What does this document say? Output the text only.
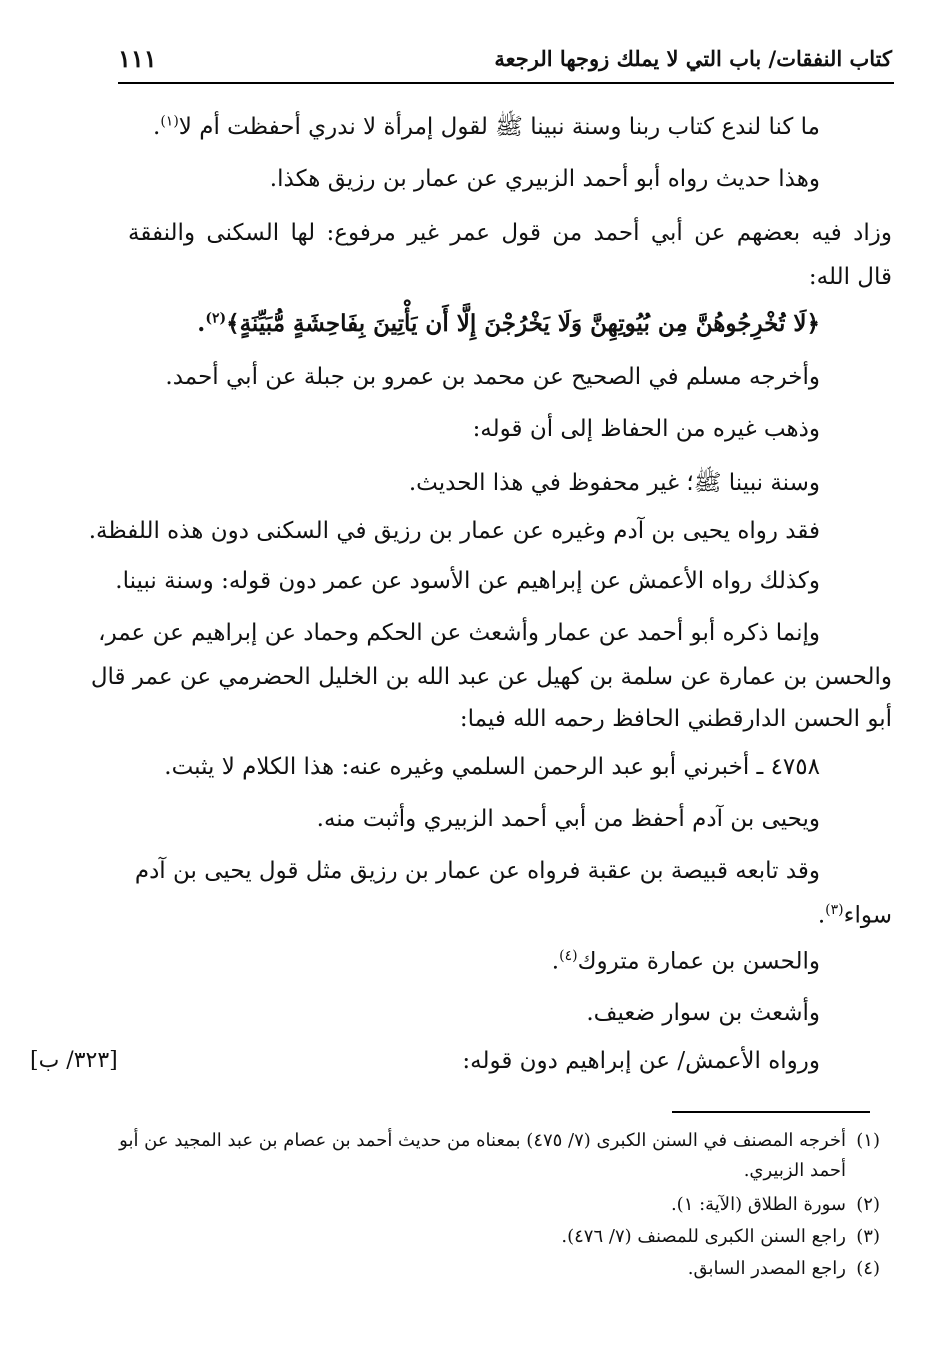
كتاب النفقات/ باب التي لا يملك زوجها الرجعة
١١١
ما كنا لندع كتاب ربنا وسنة نبينا ﷺ لقول إمرأة لا ندري أحفظت أم لا$^{(١)}$.
وهذا حديث رواه أبو أحمد الزبيري عن عمار بن رزيق هكذا.
وزاد فيه بعضهم عن أبي أحمد من قول عمر غير مرفوع: لها السكنى والنفقة
قال الله:
﴿لَا تُخْرِجُوهُنَّ مِن بُيُوتِهِنَّ وَلَا يَخْرُجْنَ إِلَّا أَن يَأْتِينَ بِفَاحِشَةٍ مُّبَيِّنَةٍ﴾$^{(٢)}$.
وأخرجه مسلم في الصحيح عن محمد بن عمرو بن جبلة عن أبي أحمد.
وذهب غيره من الحفاظ إلى أن قوله:
وسنة نبينا ﷺ؛ غير محفوظ في هذا الحديث.
فقد رواه يحيى بن آدم وغيره عن عمار بن رزيق في السكنى دون هذه اللفظة.
وكذلك رواه الأعمش عن إبراهيم عن الأسود عن عمر دون قوله: وسنة نبينا.
وإنما ذكره أبو أحمد عن عمار وأشعث عن الحكم وحماد عن إبراهيم عن عمر،
والحسن بن عمارة عن سلمة بن كهيل عن عبد الله بن الخليل الحضرمي عن عمر قال
أبو الحسن الدارقطني الحافظ رحمه الله فيما:
٤٧٥٨ ـ أخبرني أبو عبد الرحمن السلمي وغيره عنه: هذا الكلام لا يثبت.
ويحيى بن آدم أحفظ من أبي أحمد الزبيري وأثبت منه.
وقد تابعه قبيصة بن عقبة فرواه عن عمار بن رزيق مثل قول يحيى بن آدم
سواء$^{(٣)}$.
والحسن بن عمارة متروك$^{(٤)}$.
وأشعث بن سوار ضعيف.
ورواه الأعمش/ عن إبراهيم دون قوله:
[٣٢٣/ ب]
(١)أخرجه المصنف في السنن الكبرى (٧/ ٤٧٥) بمعناه من حديث أحمد بن عصام بن عبد المجيد عن أبو
أحمد الزبيري.
(٢)سورة الطلاق (الآية: ١).
(٣)راجع السنن الكبرى للمصنف (٧/ ٤٧٦).
(٤)راجع المصدر السابق.
